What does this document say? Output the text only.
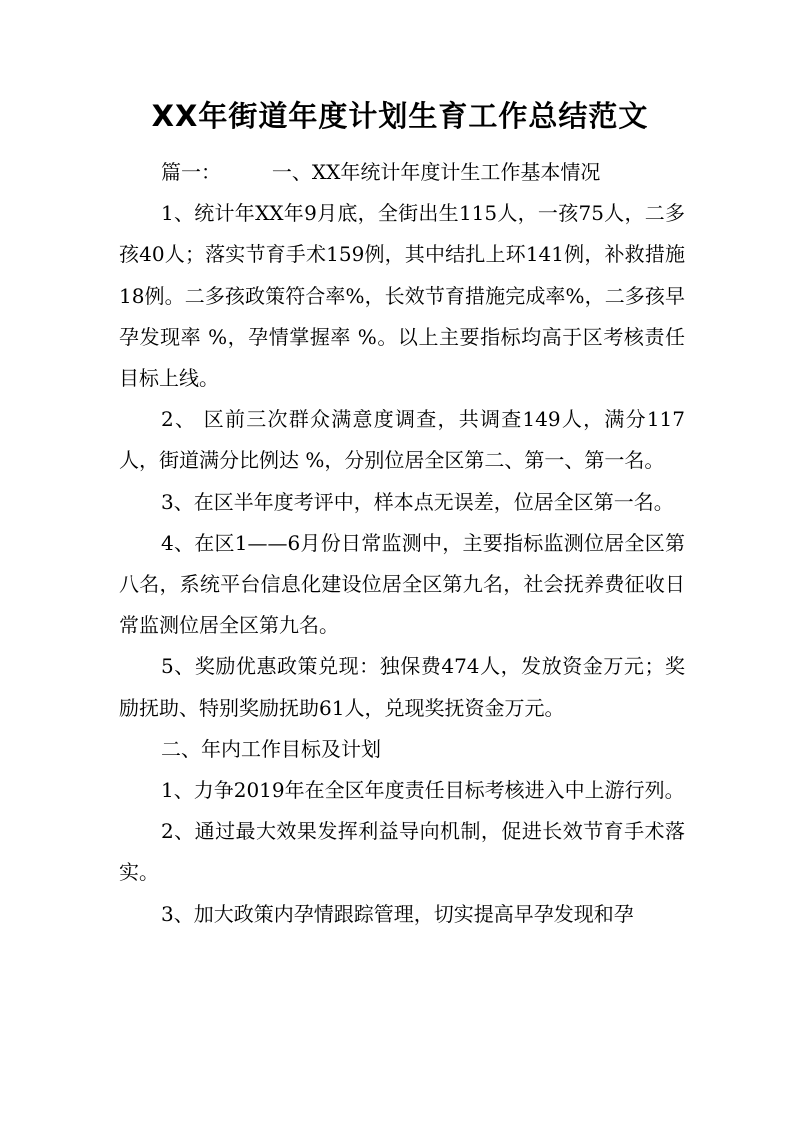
XX年街道年度计划生育工作总结范文

篇一：        一、XX年统计年度计生工作基本情况

1、统计年XX年9月底，全街出生115人，一孩75人，二多孩40人；落实节育手术159例，其中结扎上环141例，补救措施18例。二多孩政策符合率%，长效节育措施完成率%，二多孩早孕发现率 %，孕情掌握率 %。以上主要指标均高于区考核责任目标上线。

2、 区前三次群众满意度调查，共调查149人，满分117人，街道满分比例达 %，分别位居全区第二、第一、第一名。

3、在区半年度考评中，样本点无误差，位居全区第一名。

4、在区1——6月份日常监测中，主要指标监测位居全区第八名，系统平台信息化建设位居全区第九名，社会抚养费征收日常监测位居全区第九名。

5、奖励优惠政策兑现：独保费474人，发放资金万元；奖励抚助、特别奖励抚助61人，兑现奖抚资金万元。

二、年内工作目标及计划

1、力争2019年在全区年度责任目标考核进入中上游行列。

2、通过最大效果发挥利益导向机制，促进长效节育手术落实。

3、加大政策内孕情跟踪管理，切实提高早孕发现和孕
